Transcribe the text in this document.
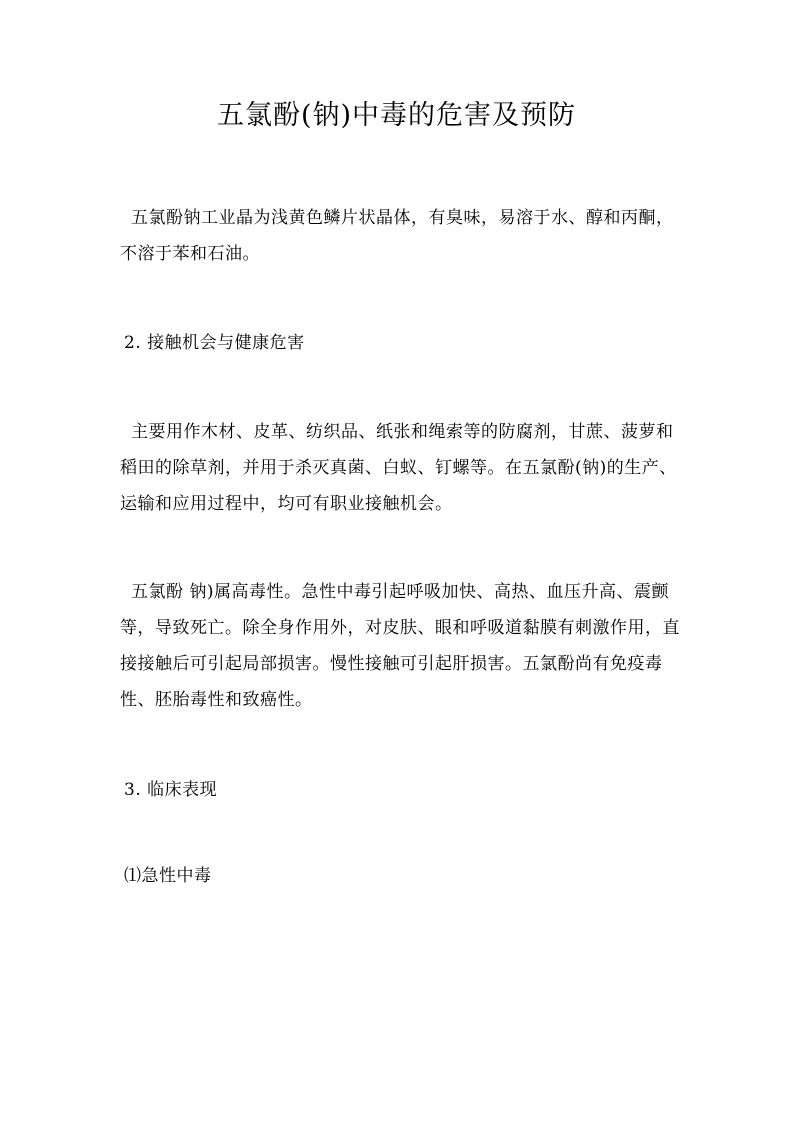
五氯酚(钠)中毒的危害及预防

五氯酚钠工业晶为浅黄色鳞片状晶体，有臭味，易溶于水、醇和丙酮，不溶于苯和石油。

2. 接触机会与健康危害

主要用作木材、皮革、纺织品、纸张和绳索等的防腐剂，甘蔗、菠萝和稻田的除草剂，并用于杀灭真菌、白蚁、钉螺等。在五氯酚(钠)的生产、运输和应用过程中，均可有职业接触机会。

五氯酚 钠)属高毒性。急性中毒引起呼吸加快、高热、血压升高、震颤等，导致死亡。除全身作用外，对皮肤、眼和呼吸道黏膜有刺激作用，直接接触后可引起局部损害。慢性接触可引起肝损害。五氯酚尚有免疫毒性、胚胎毒性和致癌性。

3. 临床表现

⑴急性中毒
